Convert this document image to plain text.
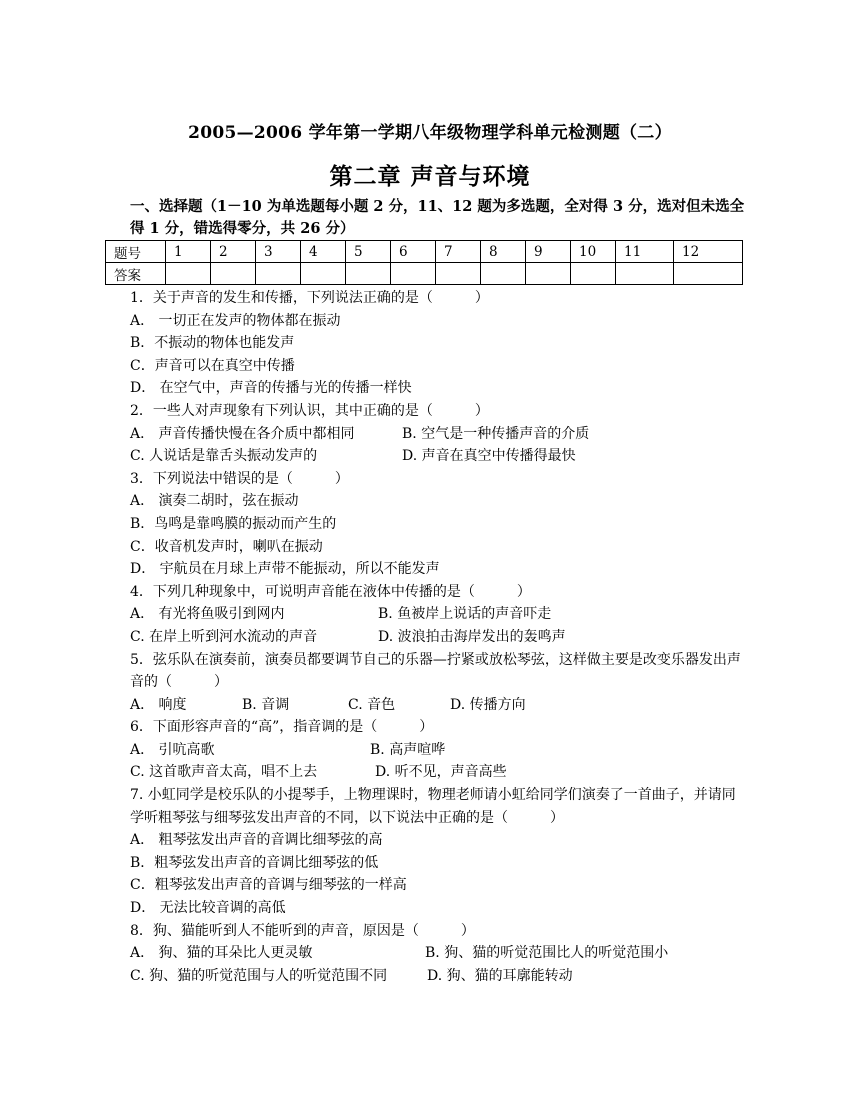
2005—2006 学年第一学期八年级物理学科单元检测题（二）
第二章 声音与环境
一、选择题（1－10 为单选题每小题 2 分，11、12 题为多选题，全对得 3 分，选对但未选全得 1 分，错选得零分，共 26 分）
题号	1	2	3	4	5	6	7	8	9	10	11	12
答案												
1．关于声音的发生和传播，下列说法正确的是（　　　）
A． 一切正在发声的物体都在振动
B．不振动的物体也能发声
C．声音可以在真空中传播
D． 在空气中，声音的传播与光的传播一样快
2．一些人对声现象有下列认识，其中正确的是（　　　）
A． 声音传播快慢在各介质中都相同	B. 空气是一种传播声音的介质
C. 人说话是靠舌头振动发声的	D. 声音在真空中传播得最快
3．下列说法中错误的是（　　　）
A． 演奏二胡时，弦在振动
B．鸟鸣是靠鸣膜的振动而产生的
C．收音机发声时，喇叭在振动
D． 宇航员在月球上声带不能振动，所以不能发声
4．下列几种现象中，可说明声音能在液体中传播的是（　　　）
A． 有光将鱼吸引到网内	B. 鱼被岸上说话的声音吓走
C. 在岸上听到河水流动的声音	D. 波浪拍击海岸发出的轰鸣声
5．弦乐队在演奏前，演奏员都要调节自己的乐器—拧紧或放松琴弦，这样做主要是改变乐器发出声音的（　　　）
A． 响度	B. 音调	C. 音色	D. 传播方向
6．下面形容声音的“高”，指音调的是（　　　）
A． 引吭高歌	B. 高声喧哗
C. 这首歌声音太高，唱不上去	D. 听不见，声音高些
7. 小虹同学是校乐队的小提琴手，上物理课时，物理老师请小虹给同学们演奏了一首曲子，并请同学听粗琴弦与细琴弦发出声音的不同，以下说法中正确的是（　　　）
A． 粗琴弦发出声音的音调比细琴弦的高
B．粗琴弦发出声音的音调比细琴弦的低
C．粗琴弦发出声音的音调与细琴弦的一样高
D． 无法比较音调的高低
8．狗、猫能听到人不能听到的声音，原因是（　　　）
A． 狗、猫的耳朵比人更灵敏	B. 狗、猫的听觉范围比人的听觉范围小
C. 狗、猫的听觉范围与人的听觉范围不同	D. 狗、猫的耳廓能转动
